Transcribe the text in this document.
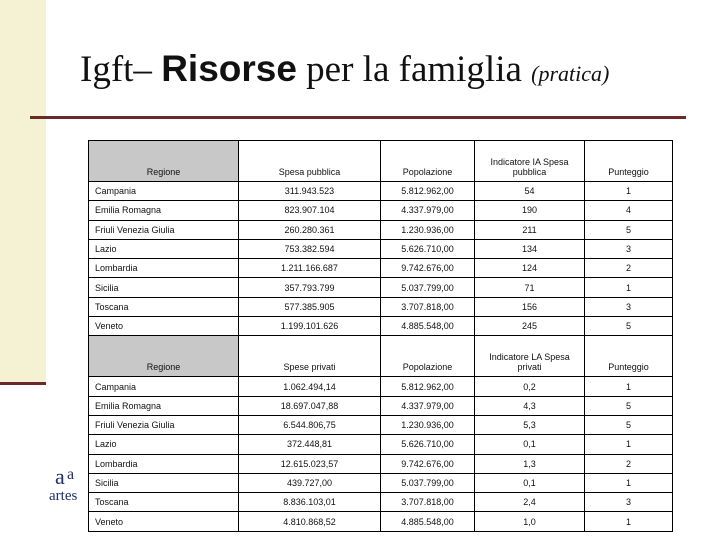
Igft– Risorse per la famiglia (pratica)
Regione	Spesa pubblica	Popolazione	Indicatore IA Spesa pubblica	Punteggio
Campania	311.943.523	5.812.962,00	54	1
Emilia Romagna	823.907.104	4.337.979,00	190	4
Friuli Venezia Giulia	260.280.361	1.230.936,00	211	5
Lazio	753.382.594	5.626.710,00	134	3
Lombardia	1.211.166.687	9.742.676,00	124	2
Sicilia	357.793.799	5.037.799,00	71	1
Toscana	577.385.905	3.707.818,00	156	3
Veneto	1.199.101.626	4.885.548,00	245	5
Regione	Spese privati	Popolazione	Indicatore LA Spesa privati	Punteggio
Campania	1.062.494,14	5.812.962,00	0,2	1
Emilia Romagna	18.697.047,88	4.337.979,00	4,3	5
Friuli Venezia Giulia	6.544.806,75	1.230.936,00	5,3	5
Lazio	372.448,81	5.626.710,00	0,1	1
Lombardia	12.615.023,57	9.742.676,00	1,3	2
Sicilia	439.727,00	5.037.799,00	0,1	1
Toscana	8.836.103,01	3.707.818,00	2,4	3
Veneto	4.810.868,52	4.885.548,00	1,0	1
a a
artes
